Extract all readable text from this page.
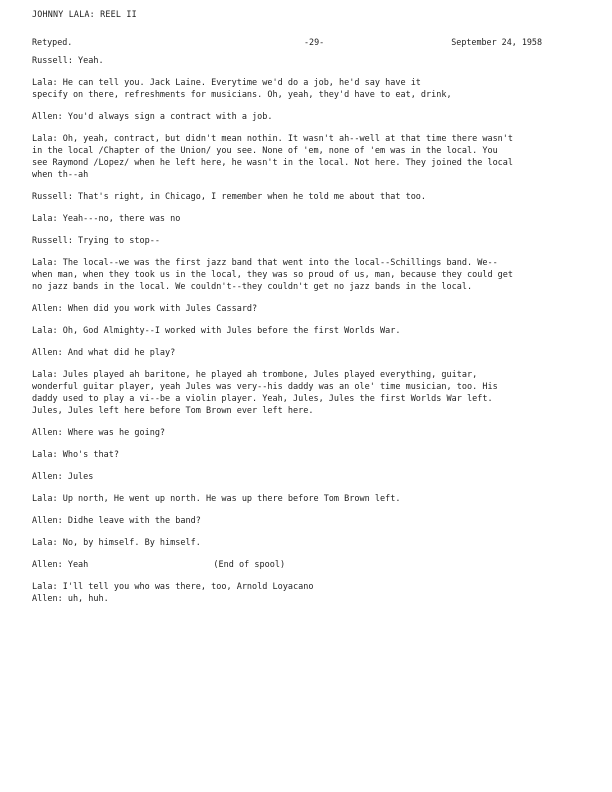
JOHNNY LALA: REEL II
Retyped.	-29-	September 24, 1958
Russell: Yeah.
Lala: He can tell you. Jack Laine. Everytime we'd do a job, he'd say have it
specify on there, refreshments for musicians. Oh, yeah, they'd have to eat, drink,
Allen: You'd always sign a contract with a job.
Lala: Oh, yeah, contract, but didn't mean nothin. It wasn't ah--well at that time there wasn't
in the local /Chapter of the Union/ you see. None of 'em, none of 'em was in the local. You
see Raymond /Lopez/ when he left here, he wasn't in the local. Not here. They joined the local
when th--ah
Russell: That's right, in Chicago, I remember when he told me about that too.
Lala: Yeah---no, there was no
Russell: Trying to stop--
Lala: The local--we was the first jazz band that went into the local--Schillings band. We--
when man, when they took us in the local, they was so proud of us, man, because they could get
no jazz bands in the local. We couldn't--they couldn't get no jazz bands in the local.
Allen: When did you work with Jules Cassard?
Lala: Oh, God Almighty--I worked with Jules before the first Worlds War.
Allen: And what did he play?
Lala: Jules played ah baritone, he played ah trombone, Jules played everything, guitar,
wonderful guitar player, yeah Jules was very--his daddy was an ole' time musician, too. His
daddy used to play a vi--be a violin player. Yeah, Jules, Jules the first Worlds War left.
Jules, Jules left here before Tom Brown ever left here.
Allen: Where was he going?
Lala: Who's that?
Allen: Jules
Lala: Up north, He went up north. He was up there before Tom Brown left.
Allen: Didhe leave with the band?
Lala: No, by himself. By himself.
Allen: Yeah	(End of spool)
Lala: I'll tell you who was there, too, Arnold Loyacano
Allen: uh, huh.
